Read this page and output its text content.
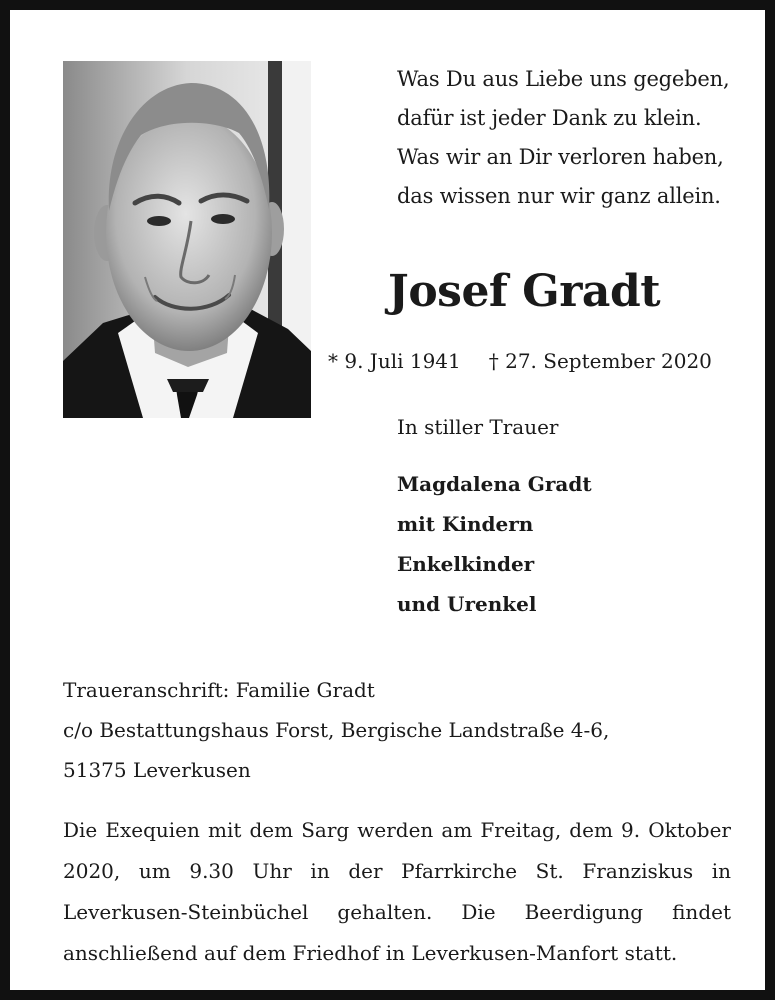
Was Du aus Liebe uns gegeben,
dafür ist jeder Dank zu klein.
Was wir an Dir verloren haben,
das wissen nur wir ganz allein.
Josef Gradt
* 9. Juli 1941 † 27. September 2020
In stiller Trauer
Magdalena Gradt
mit Kindern
Enkelkinder
und Urenkel
Traueranschrift: Familie Gradt
c/o Bestattungshaus Forst, Bergische Landstraße 4-6,
51375 Leverkusen
Die Exequien mit dem Sarg werden am Freitag, dem 9. Oktober 2020, um 9.30 Uhr in der Pfarrkirche St. Franziskus in Leverkusen-Steinbüchel gehalten. Die Beerdigung findet anschließend auf dem Friedhof in Leverkusen-Manfort statt.
